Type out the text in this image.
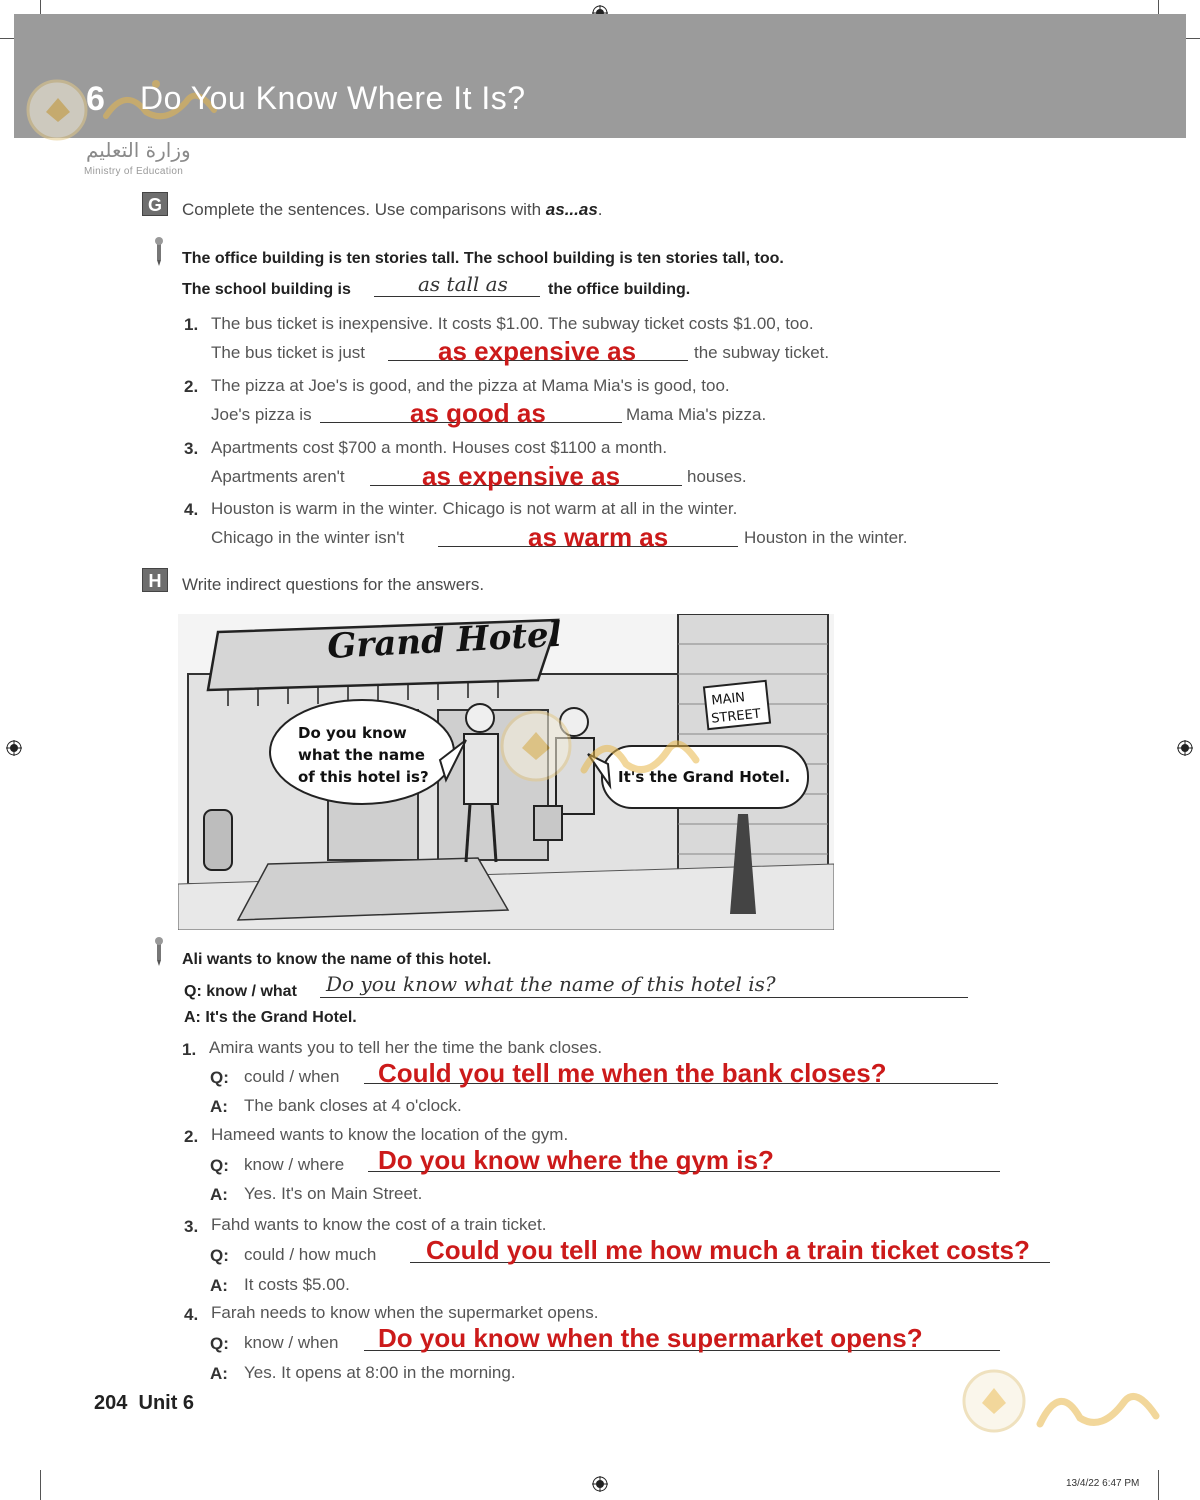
6 Do You Know Where It Is?
وزارة التعليم
Ministry of Education
G	Complete the sentences. Use comparisons with as...as.
The office building is ten stories tall. The school building is ten stories tall, too.
The school building is	as tall as	the office building.
1. The bus ticket is inexpensive. It costs $1.00. The subway ticket costs $1.00, too.
The bus ticket is just	as expensive as	the subway ticket.
2. The pizza at Joe's is good, and the pizza at Mama Mia's is good, too.
Joe's pizza is	as good as	Mama Mia's pizza.
3. Apartments cost $700 a month. Houses cost $1100 a month.
Apartments aren't	as expensive as	houses.
4. Houston is warm in the winter. Chicago is not warm at all in the winter.
Chicago in the winter isn't	as warm as	Houston in the winter.
H	Write indirect questions for the answers.
Grand Hotel
MAIN
STREET
Do you know
what the name
of this hotel is?	It's the Grand Hotel.
Ali wants to know the name of this hotel.
Q: know / what Do you know what the name of this hotel is?
A: It's the Grand Hotel.
1. Amira wants you to tell her the time the bank closes.
Q: could / when Could you tell me when the bank closes?
A: The bank closes at 4 o'clock.
2. Hameed wants to know the location of the gym.
Q: know / where Do you know where the gym is?
A: Yes. It's on Main Street.
3. Fahd wants to know the cost of a train ticket.
Q: could / how much Could you tell me how much a train ticket costs?
A: It costs $5.00.
4. Farah needs to know when the supermarket opens.
Q: know / when Do you know when the supermarket opens?
A: Yes. It opens at 8:00 in the morning.
204 Unit 6
13/4/22 6:47 PM
